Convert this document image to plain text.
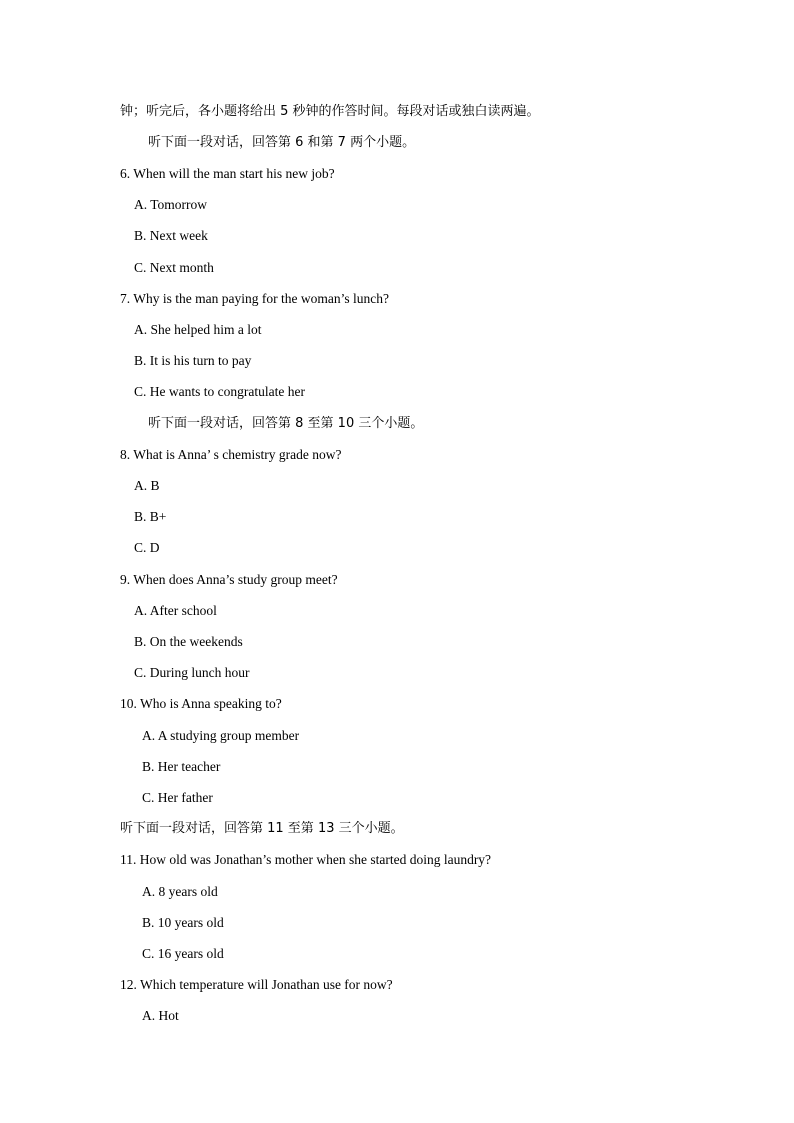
钟；听完后，各小题将给出 5 秒钟的作答时间。每段对话或独白读两遍。
听下面一段对话，回答第 6 和第 7 两个小题。
6. When will the man start his new job?
A. Tomorrow
B. Next week
C. Next month
7. Why is the man paying for the woman’s lunch?
A. She helped him a lot
B. It is his turn to pay
C. He wants to congratulate her
听下面一段对话，回答第 8 至第 10 三个小题。
8. What is Anna’ s chemistry grade now?
A. B
B. B+
C. D
9. When does Anna’s study group meet?
A. After school
B. On the weekends
C. During lunch hour
10. Who is Anna speaking to?
A. A studying group member
B. Her teacher
C. Her father
听下面一段对话，回答第 11 至第 13 三个小题。
11. How old was Jonathan’s mother when she started doing laundry?
A. 8 years old
B. 10 years old
C. 16 years old
12. Which temperature will Jonathan use for now?
A. Hot
